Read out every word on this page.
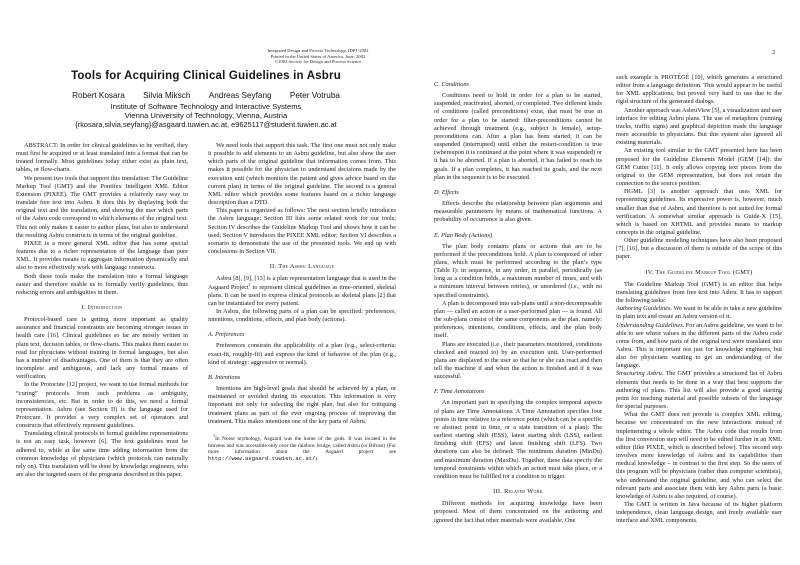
Integrated Design and Process Technology, IDPT-2002
Printed in the United States of America, June, 2002
©2002 Society for Design and Process Science
2
Tools for Acquiring Clinical Guidelines in Asbru
Robert Kosara Silvia Miksch Andreas Seyfang Peter Votruba
Institute of Software Technology and Interactive Systems
Vienna University of Technology, Vienna, Austria
{rkosara,silvia,seyfang}@asgaard.tuwien.ac.at, e9625117@student.tuwien.ac.at
ABSTRACT: In order for clinical guidelines to be verified, they must first be acquired or at least translated into a format that can be treated formally. Most guidelines today either exist as plain text, tables, or flow-charts.
We present two tools that support this translation: The Guideline Markup Tool (GMT) and the Pontifex Intelligent XML Editor Extension (PIXEE). The GMT provides a relatively easy way to translate free text into Asbru. It does this by displaying both the original text and the translation, and showing the user which parts of the Asbru code correspond to which elements of the original text. This not only makes it easier to author plans, but also to understand the resulting Asbru constructs in terms of the original guideline.
PIXEE is a more general XML editor that has some special features due to a richer representation of the language than pure XML. It provides means to aggregate information dynamically and also to more effectively work with language constructs.
Both these tools make the translation into a formal language easier and therefore enable us to formally verify guidelines, thus reducing errors and ambiguities in them.
I. Introduction
Protocol-based care is getting more important as quality assurance and financial constraints are becoming stronger issues in health care [16]. Clinical guidelines so far are mostly written in plain text, decision tables, or flow-charts. This makes them easier to read for physicians without training in formal languages, but also has a number of disadvantages. One of them is that they are often incomplete and ambiguous, and lack any formal means of verification.
In the Protocure [12] project, we want to use formal methods for “curing” protocols from such problems as ambiguity, inconsistencies, etc. But in order to do this, we need a formal representation. Asbru (see Section II) is the language used for Protocure. It provides a very complex set of operators and constructs that effectively represent guidelines.
Translating clinical protocols to formal guideline representations is not an easy task, however [6]. The text guidelines must be adhered to, while at the same time adding information from the common knowledge of physicians (which protocols can naturally rely on). This translation will be done by knowledge engineers, who are also the targeted users of the programs described in this paper.
We need tools that support this task. The first one must not only make it possible to add elements to an Asbru guideline, but also show the user which parts of the original guideline that information comes from. This makes it possible for the physician to understand decisions made by the execution unit (which monitors the patient and gives advice based on the current plan) in terms of the original guideline. The second is a general XML editor which provides some features based on a richer language description than a DTD.
This paper is organized as follows: The next section briefly introduces the Asbru language; Section III lists some related work for our tools; Section IV describes the Guideline Markup Tool and shows how it can be used; Section V introduces the PIXEE XML editor; Section VI describes a scenario to demonstrate the use of the presented tools. We end up with conclusions in Section VII.
II. The Asbru Language
Asbru [8], [9], [13] is a plan representation language that is used in the Asgaard Project$^1$ to represent clinical guidelines as time-oriented, skeletal plans. It can be used to express clinical protocols as skeletal plans [2] that can be instantiated for every patient.
In Asbru, the following parts of a plan can be specified: preferences, intentions, conditions, effects, and plan body (actions).
A. Preferences
Preferences constrain the applicability of a plan (e.g., select-criteria: exact-fit, roughly-fit) and express the kind of behavior of the plan (e.g., kind of strategy: aggressive or normal).
B. Intentions
Intentions are high-level goals that should be achieved by a plan, or maintained or avoided during its execution. This information is very important not only for selecting the right plan, but also for critiquing treatment plans as part of the ever ongoing process of improving the treatment. This makes intentions one of the key parts of Asbru.
$^1$In Norse mythology, Asgaard was the home of the gods. It was located in the heavens and was accessible only over the rainbow bridge, called Asbru (or Bifrost) (For more information about the Asgaard project see http://www.asgaard.tuwien.ac.at/).
C. Conditions
Conditions need to hold in order for a plan to be started, suspended, reactivated, aborted, or completed. Two different kinds of conditions (called preconditions) exist, that must be true in order for a plan to be started: filter-preconditions cannot be achieved through treatment (e.g., subject is female), setup-preconditions can. After a plan has been started, it can be suspended (interrupted) until either the restart-condition is true (whereupon it is continued at the point where it was suspended) or it has to be aborted. If a plan is aborted, it has failed to reach its goals. If a plan completes, it has reached its goals, and the next plan in the sequence is to be executed.
D. Effects
Effects describe the relationship between plan arguments and measurable parameters by means of mathematical functions. A probability of occurrence is also given.
E. Plan Body (Actions)
The plan body contains plans or actions that are to be performed if the preconditions hold. A plan is composed of other plans, which must be performed according to the plan’s type (Table I): in sequence, in any order, in parallel, periodically (as long as a condition holds, a maximum number of times, and with a minimum interval between retries), or unordered (i.e., with no specified constraints).
A plan is decomposed into sub-plans until a non-decomposable plan — called an action or a user-performed plan — is found. All the sub-plans consist of the same components as the plan, namely: preferences, intentions, conditions, effects, and the plan body itself.
Plans are executed (i.e., their parameters monitored, conditions checked and reacted to) by an execution unit. User-performed plans are displayed to the user so that he or she can react and then tell the machine if and when the action is finished and if it was successful.
F. Time Annotations
An important part in specifying the complex temporal aspects of plans are Time Annotations. A Time Annotation specifies four points in time relative to a reference point (which can be a specific or abstract point in time, or a state transition of a plan): The earliest starting shift (ESS), latest starting shift (LSS), earliest finishing shift (EFS) and latest finishing shift (LFS). Two durations can also be defined: The minimum duration (MinDu) and maximum duration (MaxDu). Together, these data specify the temporal constraints within which an action must take place, or a condition must be fulfilled for a condition to trigger.
III. Related Work
Different methods for acquiring knowledge have been proposed. Most of them concentrated on the authoring and ignored the fact that other materials were available. One
such example is PROTÉGÉ [10], which generates a structured editor from a language definition. This would appear to be useful for XML applications, but proved very hard to use due to the rigid structure of the generated dialogs.
Another approach was AsbruView [5], a visualization and user interface for editing Asbru plans. The use of metaphors (running tracks, traffic signs) and graphical depiction made the language more accessible to physicians. But this system also ignored all existing materials.
An existing tool similar to the GMT presented here has been proposed for the Guideline Elements Model (GEM [14]): the GEM Cutter [11]. It only allows copying text pieces from the original to the GEM representation, but does not retain the connection to the source position.
HGML [3] is another approach that uses XML for representing guidelines. Its expressive power is, however, much smaller than that of Asbru, and therefore is not suited for formal verification. A somewhat similar approach is Guide-X [15], which is based on XHTML and provides means to markup concepts in the original guideline.
Other guideline modeling techniques have also been proposed [7], [16], but a discussion of them is outside of the scope of this paper.
IV. The Guideline Markup Tool (GMT)
The Guideline Markup Tool (GMT) is an editor that helps translating guidelines from free text into Asbru. It has to support the following tasks:
Authoring Guidelines. We want to be able to take a new guideline in plain text and create an Asbru version of it.
Understanding Guidelines. For an Asbru guideline, we want to be able to see where values in the different parts of the Asbru code come from, and how parts of the original text were translated into Asbru. This is important not just for knowledge engineers, but also for physicians wanting to get an understanding of the language.
Structuring Asbru. The GMT provides a structured list of Asbru elements that needs to be done in a way that best supports the authoring of plans. This list will also provide a good starting point for teaching material and possible subsets of the language for special purposes.
What the GMT does not provide is complex XML editing, because we concentrated on the new interactions instead of implementing a whole editor. The Asbru code that results from the first conversion step will need to be edited further in an XML editor (like PIXEE, which is described below). This second step involves more knowledge of Asbru and its capabilities than medical knowledge – in contrast to the first step. So the users of this program will be physicians (rather than computer scientists), who understand the original guideline, and who can select the relevant parts and associate them with key Asbru parts (a basic knowledge of Asbru is also required, of course).
The GMT is written in Java because of its higher platform independence, clean language design, and freely available user interface and XML components.
